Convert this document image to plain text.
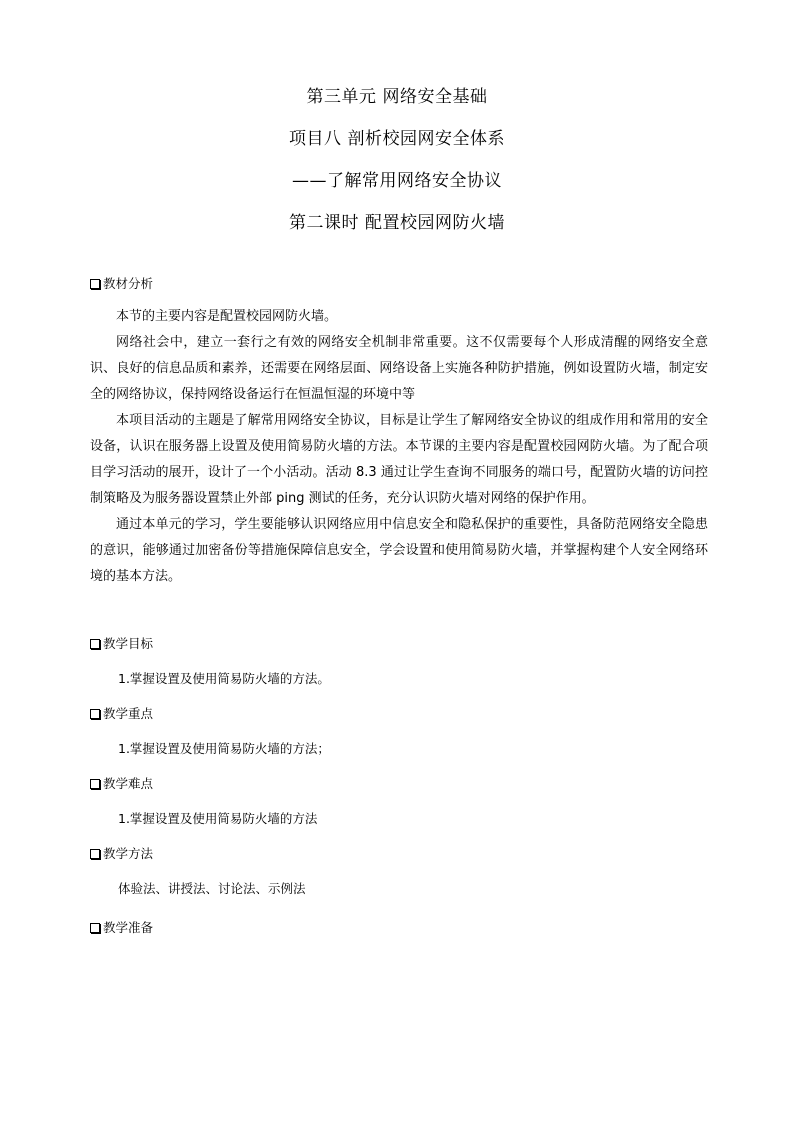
第三单元 网络安全基础
项目八 剖析校园网安全体系
——了解常用网络安全协议
第二课时 配置校园网防火墙
教材分析

本节的主要内容是配置校园网防火墙。

网络社会中，建立一套行之有效的网络安全机制非常重要。这不仅需要每个人形成清醒的网络安全意识、良好的信息品质和素养，还需要在网络层面、网络设备上实施各种防护措施，例如设置防火墙，制定安全的网络协议，保持网络设备运行在恒温恒湿的环境中等

本项目活动的主题是了解常用网络安全协议，目标是让学生了解网络安全协议的组成作用和常用的安全设备，认识在服务器上设置及使用简易防火墙的方法。本节课的主要内容是配置校园网防火墙。为了配合项目学习活动的展开，设计了一个小活动。活动 8.3 通过让学生查询不同服务的端口号，配置防火墙的访问控制策略及为服务器设置禁止外部 ping 测试的任务，充分认识防火墙对网络的保护作用。

通过本单元的学习，学生要能够认识网络应用中信息安全和隐私保护的重要性，具备防范网络安全隐患的意识，能够通过加密备份等措施保障信息安全，学会设置和使用简易防火墙，并掌握构建个人安全网络环境的基本方法。

教学目标
1.掌握设置及使用简易防火墙的方法。
教学重点
1.掌握设置及使用简易防火墙的方法；
教学难点
1.掌握设置及使用简易防火墙的方法
教学方法
体验法、讲授法、讨论法、示例法
教学准备
